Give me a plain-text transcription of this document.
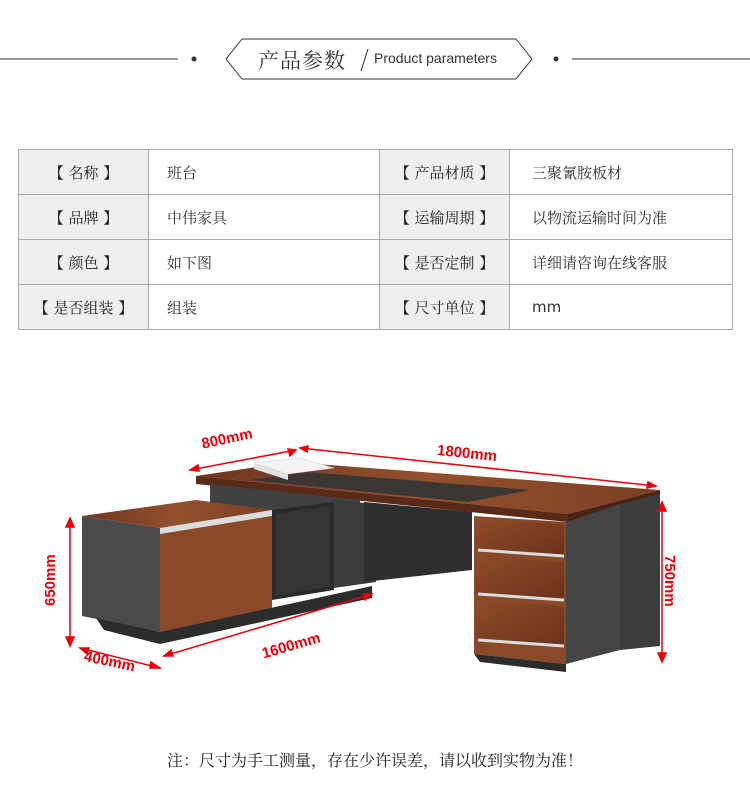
产品参数 Product parameters
【 名称 】	班台	【 产品材质 】	三聚氰胺板材
【 品牌 】	中伟家具	【 运输周期 】	以物流运输时间为准
【 颜色 】	如下图	【 是否定制 】	详细请咨询在线客服
【 是否组装 】	组装	【 尺寸单位 】	mm
800mm
1800mm
750mm
650mm
1600mm
400mm
注：尺寸为手工测量，存在少许误差，请以收到实物为准！
